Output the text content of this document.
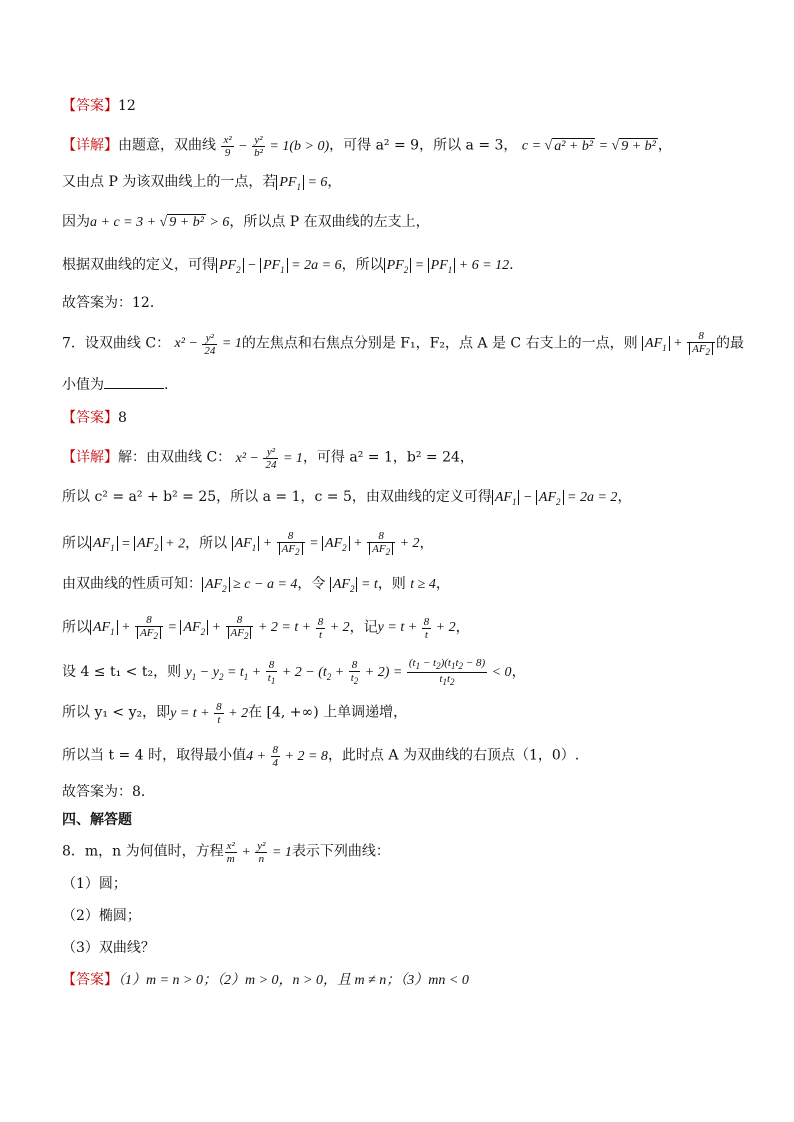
【答案】12
【详解】由题意，双曲线 $\frac{\text{x²}}{9} - \frac{\text{y²}}{\text{b²}} = 1(b > 0)$，可得 a² = 9，所以 a = 3， c = √ a² + b² = √ 9 + b² ，
又由点 P 为该双曲线上的一点，若 $PF_1 = 6$，
因为a + c = 3 + √ 9 + b² > 6，所以点 P 在双曲线的左支上，
根据双曲线的定义，可得 $PF_2 - PF_1 = 2a = 6$，所以 $PF_2 = PF_1 + 6 = 12$.
故答案为：12．
7．设双曲线 C： $x^2 - \frac{\text{y²}}{24} = 1$的左焦点和右焦点分别是 F₁，F₂，点 A 是 C 右支上的一点，则 $AF_1 + \frac{8}{AF_2}$ 的最
小值为	.
【答案】8
【详解】解：由双曲线 C： $x^2 - \frac{\text{y²}}{24} = 1$，可得 a² = 1，b² = 24，
所以 c² = a² + b² = 25，所以 a = 1，c = 5，由双曲线的定义可得 $AF_1 - AF_2 = 2a = 2$，
所以 $AF_1 = AF_2 + 2$，所以 $AF_1 + \frac{8}{AF_2} = AF_2 + \frac{8}{AF_2} + 2$，
由双曲线的性质可知： $AF_2 \ge c - a = 4$，令 $AF_2 = t$，则 t ≥ 4，
所以 $AF_1 + \frac{8}{AF_2} = AF_2 + \frac{8}{AF_2} + 2 = t + \frac{8}{t} + 2$，记$y = t + \frac{8}{t} + 2$，
设 4 ≤ t₁ < t₂，则 $y_1 - y_2 = t_1 + \frac{8}{t_1} + 2 - (t_2 + \frac{8}{t_2} + 2) = \frac{(t_1 - t_2)(t_1t_2 - 8)}{t_1t_2} < 0$，
所以 y₁ < y₂，即$y = t + \frac{8}{t} + 2$在 [4, +∞) 上单调递增，
所以当 t = 4 时，取得最小值$4 + \frac{8}{4} + 2 = 8$，此时点 A 为双曲线的右顶点（1，0）.
故答案为：8．
四、解答题
8．m，n 为何值时，方程 $\frac{\text{x²}}{m} + \frac{\text{y²}}{n} = 1$表示下列曲线：
（1）圆；
（2）椭圆；
（3）双曲线？
【答案】（1）m = n > 0；（2）m > 0，n > 0，且 m ≠ n；（3）mn < 0
